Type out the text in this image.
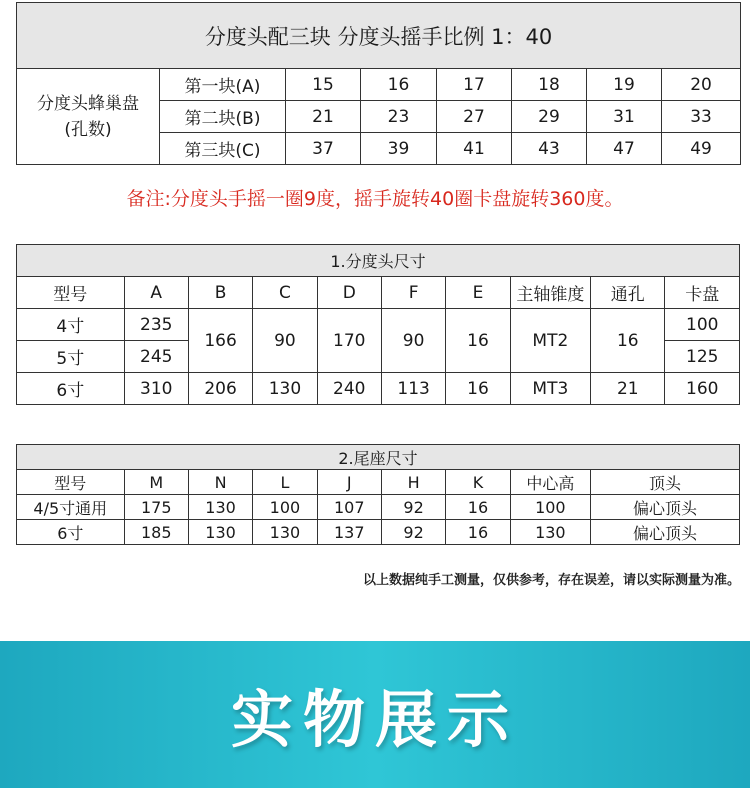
分度头配三块 分度头摇手比例 1：40							
分度头蜂巢盘
(孔数)	第一块(A)	15	16	17	18	19	20
	第二块(B)	21	23	27	29	31	33
	第三块(C)	37	39	41	43	47	49
备注:分度头手摇一圈9度，摇手旋转40圈卡盘旋转360度。
1.分度头尺寸									
型号	A	B	C	D	F	E	主轴锥度	通孔	卡盘
4寸	235	166	90	170	90	16	MT2	16	100
5寸	245								125
6寸	310	206	130	240	113	16	MT3	21	160
2.尾座尺寸								
型号	M	N	L	J	H	K	中心高	顶头
4/5寸通用	175	130	100	107	92	16	100	偏心顶头
6寸	185	130	130	137	92	16	130	偏心顶头
以上数据纯手工测量，仅供参考，存在误差，请以实际测量为准。
实物展示
